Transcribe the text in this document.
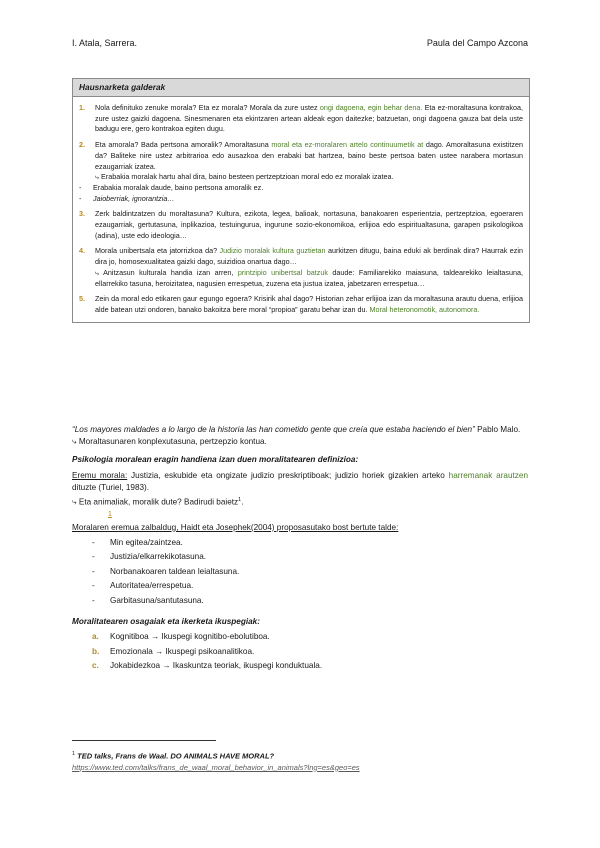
I. Atala, Sarrera.	Paula del Campo Azcona
Hausnarketa galderak
1.	Nola definituko zenuke morala? Eta ez morala? Morala da zure ustez ongi dagoena, egin behar dena. Eta ez-moraltasuna kontrakoa, zure ustez gaizki dagoena. Sinesmenaren eta ekintzaren artean aldeak egon daitezke; batzuetan, ongi dagoena gauza bat dela uste badugu ere, gero kontrakoa egiten dugu.
2.	Eta amorala? Bada pertsona amoralik? Amoraltasuna moral eta ez-moralaren artelo continuumetik at dago. Amoraltasuna existitzen da? Baliteke nire ustez arbitrarioa edo ausazkoa den erabaki bat hartzea, baino beste pertsoa baten ustee narabera mortasun ezaugarriak izatea.
⤷ Erabakia moralak hartu ahal dira, baino besteen pertzeptzioan moral edo ez moralak izatea.
-	Erabakia moralak daude, baino pertsona amoralik ez.
-	Jaioberriak, ignorantzia…
3.	Zerk baldintzatzen du moraltasuna? Kultura, ezikota, legea, balioak, nortasuna, banakoaren esperientzia, pertzeptzioa, egoeraren ezaugarriak, gertutasuna, inplikazioa, testuingurua, ingurune sozio-ekonomikoa, erlijioa edo espiritualtasuna, garapen psikologikoa (adina), uste edo ideologia…
4.	Morala unibertsala eta jatorrizkoa da? Judizio moralak kultura guztietan aurkitzen ditugu, baina eduki ak berdinak dira? Haurrak ezin dira jo, homosexualitatea gaizki dago, suizidioa onartua dago…
⤷ Anitzasun kulturala handia izan arren, printzipio unibertsal batzuk daude: Familiarekiko maiasuna, taldearekiko leialtasuna, ellarrekiko tasuna, heroizitatea, nagusien errespetua, zuzena eta justua izatea, jabetzaren errespetua…
5.	Zein da moral edo etikaren gaur egungo egoera? Krisirik ahal dago? Historian zehar erlijioa izan da moraltasuna arautu duena, erlijioa alde batean utzi ondoren, banako bakoitza bere moral “propioa” garatu behar izan du. Moral heteronomotik, autonomora.
“Los mayores maldades a lo largo de la historia las han cometido gente que creía que estaba haciendo el bien” Pablo Malo.
⤷ Moraltasunaren konplexutasuna, pertzepzio kontua.
Psikologia moralean eragin handiena izan duen moralitatearen definizioa:
Eremu morala: Justizia, eskubide eta ongizate judizio preskriptiboak; judizio horiek gizakien arteko harremanak arautzen dituzte (Turiel, 1983).
⤷ Eta animaliak, moralik dute? Badirudi baietz$^1$.
1
Moralaren eremua zalbaldug, Haidt eta Josephek(2004) proposasutako bost bertute talde:
-	Min egitea/zaintzea.
-	Justizia/elkarrekikotasuna.
-	Norbanakoaren taldean leialtasuna.
-	Autoritatea/errespetua.
-	Garbitasuna/santutasuna.
Moralitatearen osagaiak eta ikerketa ikuspegiak:
a.	Kognitiboa → Ikuspegi kognitibo-ebolutiboa.
b.	Emozionala → Ikuspegi psikoanalitikoa.
c.	Jokabidezkoa → Ikaskuntza teoriak, ikuspegi konduktuala.
$^1$ TED talks, Frans de Waal. DO ANIMALS HAVE MORAL?
https://www.ted.com/talks/frans_de_waal_moral_behavior_in_animals?lng=es&geo=es
